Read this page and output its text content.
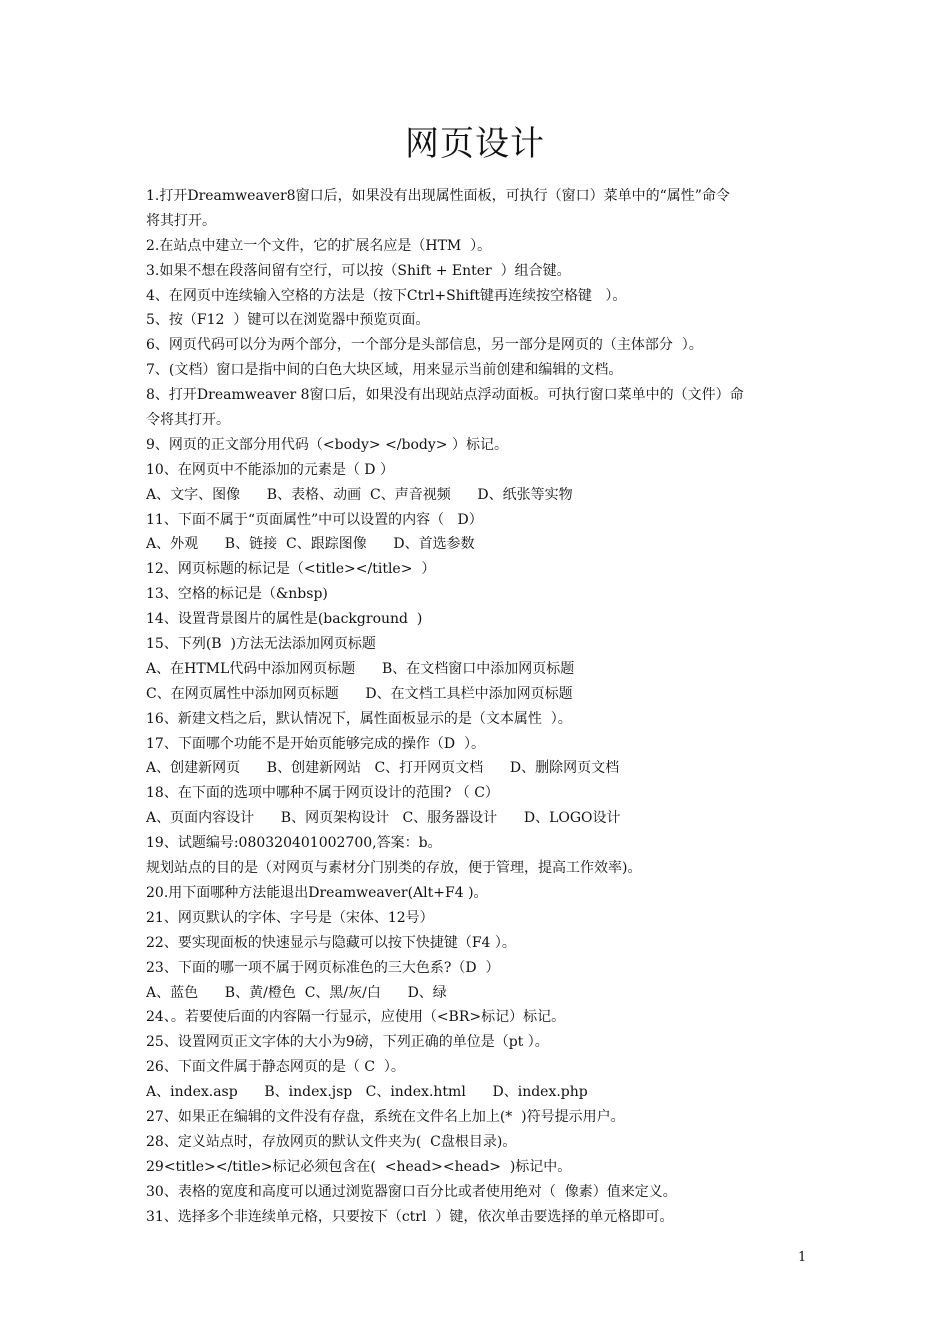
网页设计
1.打开Dreamweaver8窗口后，如果没有出现属性面板，可执行（窗口）菜单中的“属性”命令
将其打开。
2.在站点中建立一个文件，它的扩展名应是（HTM  ）。
3.如果不想在段落间留有空行，可以按（Shift + Enter  ）组合键。
4、在网页中连续输入空格的方法是（按下Ctrl+Shift键再连续按空格键   ）。
5、按（F12  ）键可以在浏览器中预览页面。
6、网页代码可以分为两个部分，一个部分是头部信息，另一部分是网页的（主体部分  ）。
7、(文档）窗口是指中间的白色大块区域，用来显示当前创建和编辑的文档。
8、打开Dreamweaver 8窗口后，如果没有出现站点浮动面板。可执行窗口菜单中的（文件）命
令将其打开。
9、网页的正文部分用代码（<body> </body> ）标记。
10、在网页中不能添加的元素是（ D ）
A、文字、图像      B、表格、动画  C、声音视频      D、纸张等实物
11、下面不属于“页面属性”中可以设置的内容（   D）
A、外观      B、链接  C、跟踪图像      D、首选参数
12、网页标题的标记是（<title></title>  ）
13、空格的标记是（&nbsp)
14、设置背景图片的属性是(background  )
15、下列(B  )方法无法添加网页标题
A、在HTML代码中添加网页标题      B、在文档窗口中添加网页标题
C、在网页属性中添加网页标题      D、在文档工具栏中添加网页标题
16、新建文档之后，默认情况下，属性面板显示的是（文本属性  ）。
17、下面哪个功能不是开始页能够完成的操作（D  ）。
A、创建新网页      B、创建新网站   C、打开网页文档      D、删除网页文档
18、在下面的选项中哪种不属于网页设计的范围? （ C）
A、页面内容设计      B、网页架构设计   C、服务器设计      D、LOGO设计
19、试题编号:080320401002700,答案：b。
规划站点的目的是（对网页与素材分门别类的存放，便于管理，提高工作效率)。
20.用下面哪种方法能退出Dreamweaver(Alt+F4 )。
21、网页默认的字体、字号是（宋体、12号）
22、要实现面板的快速显示与隐藏可以按下快捷键（F4 ）。
23、下面的哪一项不属于网页标准色的三大色系?（D  ）
A、蓝色      B、黄/橙色  C、黑/灰/白      D、绿
24、。若要使后面的内容隔一行显示，应使用（<BR>标记）标记。
25、设置网页正文字体的大小为9磅，下列正确的单位是（pt ）。
26、下面文件属于静态网页的是（ C  ）。
A、index.asp      B、index.jsp   C、index.html      D、index.php
27、如果正在编辑的文件没有存盘，系统在文件名上加上(*  )符号提示用户。
28、定义站点时，存放网页的默认文件夹为(  C盘根目录)。
29<title></title>标记必须包含在(  <head><head>  )标记中。
30、表格的宽度和高度可以通过浏览器窗口百分比或者使用绝对（  像素）值来定义。
31、选择多个非连续单元格，只要按下（ctrl  ）键，依次单击要选择的单元格即可。
1
